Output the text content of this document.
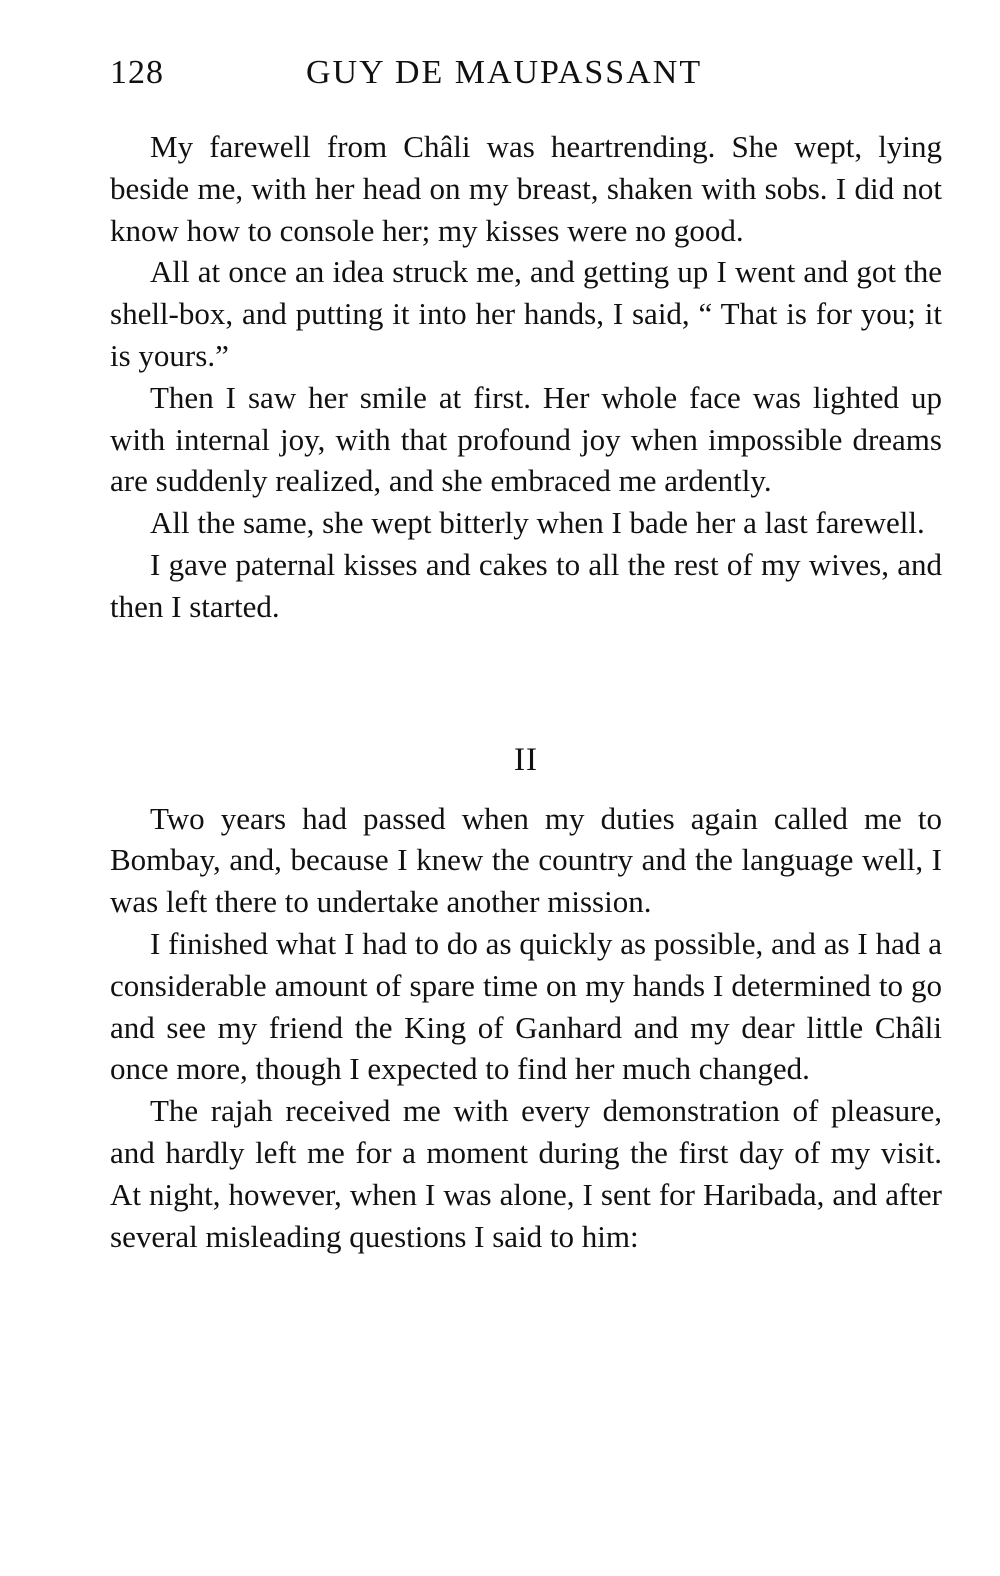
128	GUY DE MAUPASSANT

My farewell from Châli was heartrending. She wept, lying beside me, with her head on my breast, shaken with sobs. I did not know how to console her; my kisses were no good.

All at once an idea struck me, and getting up I went and got the shell-box, and putting it into her hands, I said, “ That is for you; it is yours.”

Then I saw her smile at first. Her whole face was lighted up with internal joy, with that profound joy when impossible dreams are suddenly realized, and she embraced me ardently.

All the same, she wept bitterly when I bade her a last farewell.

I gave paternal kisses and cakes to all the rest of my wives, and then I started.

II

Two years had passed when my duties again called me to Bombay, and, because I knew the country and the language well, I was left there to undertake another mission.

I finished what I had to do as quickly as possible, and as I had a considerable amount of spare time on my hands I determined to go and see my friend the King of Ganhard and my dear little Châli once more, though I expected to find her much changed.

The rajah received me with every demonstration of pleasure, and hardly left me for a moment during the first day of my visit. At night, however, when I was alone, I sent for Haribada, and after several misleading questions I said to him:
